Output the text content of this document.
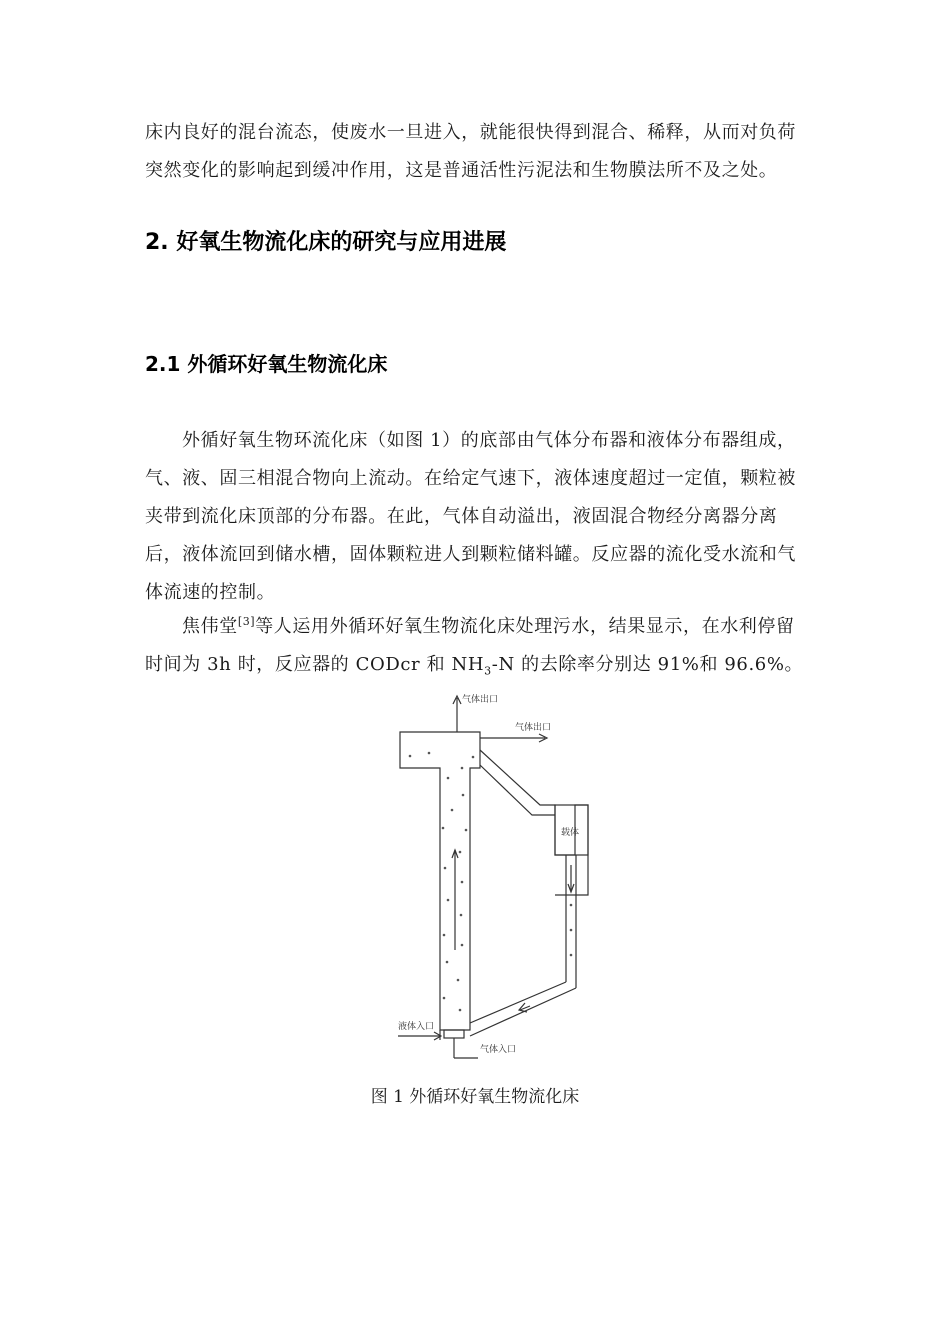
床内良好的混台流态，使废水一旦进入，就能很快得到混合、稀释，从而对负荷突然变化的影响起到缓冲作用，这是普通活性污泥法和生物膜法所不及之处。

2. 好氧生物流化床的研究与应用进展
2.1 外循环好氧生物流化床

外循好氧生物环流化床（如图 1）的底部由气体分布器和液体分布器组成，气、液、固三相混合物向上流动。在给定气速下，液体速度超过一定值，颗粒被夹带到流化床顶部的分布器。在此，气体自动溢出，液固混合物经分离器分离后，液体流回到储水槽，固体颗粒进人到颗粒储料罐。反应器的流化受水流和气体流速的控制。

焦伟堂[3]等人运用外循环好氧生物流化床处理污水，结果显示，在水利停留时间为 3h 时，反应器的 CODcr 和 $NH_3-N$ 的去除率分别达 91%和 96.6%。

气体出口
气体出口
载体
液体入口
气体入口
图 1 外循环好氧生物流化床
